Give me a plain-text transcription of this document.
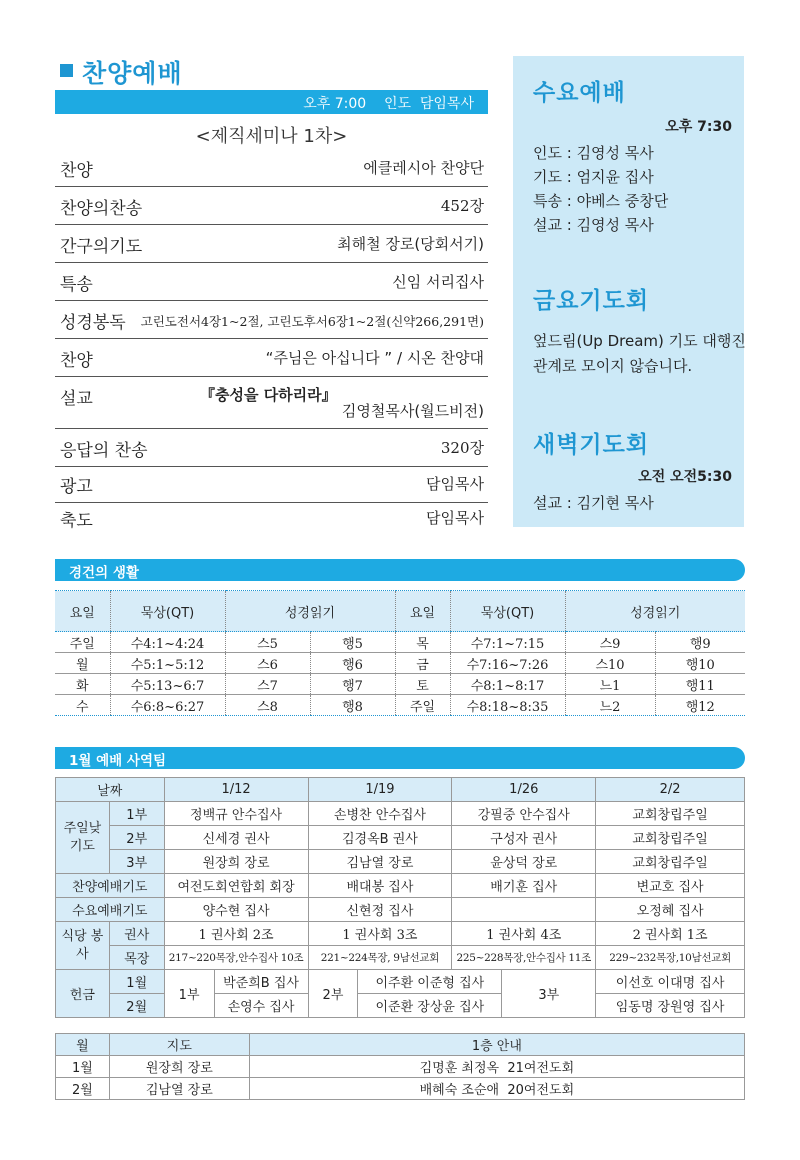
찬양예배
오후 7:00    인도  담임목사
<제직세미나 1차>
찬양	에클레시아 찬양단
찬양의찬송	452장
간구의기도	최해철 장로(당회서기)
특송	신임 서리집사
성경봉독 고린도전서4장1~2절, 고린도후서6장1~2절(신약266,291면)
찬양	“주님은 아십니다 ” / 시온 찬양대
설교	『충성을 다하리라』
김영철목사(월드비전)
응답의 찬송	320장
광고	담임목사
축도	담임목사
수요예배
오후 7:30
인도 : 김영성 목사
기도 : 엄지윤 집사
특송 : 야베스 중창단
설교 : 김영성 목사
금요기도회
엎드림(Up Dream) 기도 대행진
관계로 모이지 않습니다.
새벽기도회
오전 오전5:30
설교 : 김기현 목사
경건의 생활
요일	묵상(QT)	성경읽기		요일	묵상(QT)	성경읽기	
주일	수4:1~4:24	스5	행5	목	수7:1~7:15	스9	행9
월	수5:1~5:12	스6	행6	금	수7:16~7:26	스10	행10
화	수5:13~6:7	스7	행7	토	수8:1~8:17	느1	행11
수	수6:8~6:27	스8	행8	주일	수8:18~8:35	느2	행12
1월 예배 사역팀
날짜		1/12		1/19		1/26		2/2
주일낮 기도	1부	정백규 안수집사		손병찬 안수집사		강필중 안수집사		교회창립주일
	2부	신세경 권사		김경옥B 권사		구성자 권사		교회창립주일
	3부	원장희 장로		김남열 장로		윤상덕 장로		교회창립주일
찬양예배기도		여전도회연합회 회장		배대봉 집사		배기훈 집사		변교호 집사
수요예배기도		양수현 집사		신현정 집사				오정혜 집사
식당 봉사	권사	1 권사회 2조		1 권사회 3조		1 권사회 4조		2 권사회 1조
	목장	217~220목장,안수집사 10조		221~224목장, 9남선교회		225~228목장,안수집사 11조		229~232목장,10남선교회
헌금	1월	1부	박준희B 집사	2부	이주환 이준형 집사		3부	이선호 이대명 집사
	2월		손영수 집사		이준환 장상윤 집사			임동명 장원영 집사
월	지도	1층 안내
1월	원장희 장로	김명훈 최정옥  21여전도회
2월	김남열 장로	배혜숙 조순애  20여전도회
